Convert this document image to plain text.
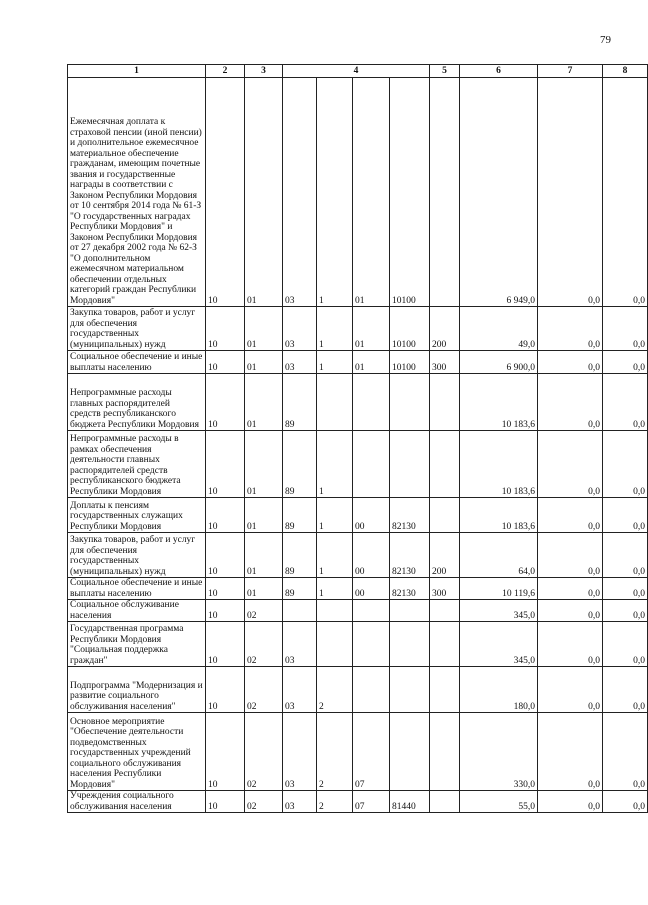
79
1	2	3	4				5	6	7	8
Ежемесячная доплата к страховой пенсии (иной пенсии) и дополнительное ежемесячное материальное обеспечение гражданам, имеющим почетные звания и государственные награды в соответствии с Законом Республики Мордовия от 10 сентября 2014 года № 61-З "О государственных наградах Республики Мордовия" и Законом Республики Мордовия от 27 декабря 2002 года № 62-З "О дополнительном ежемесячном материальном обеспечении отдельных категорий граждан Республики Мордовия"	10	01	03	1	01	10100		6 949,0	0,0	0,0
Закупка товаров, работ и услуг для обеспечения государственных (муниципальных) нужд	10	01	03	1	01	10100	200	49,0	0,0	0,0
Социальное обеспечение и иные выплаты населению	10	01	03	1	01	10100	300	6 900,0	0,0	0,0
Непрограммные расходы главных распорядителей средств республиканского бюджета Республики Мордовия	10	01	89					10 183,6	0,0	0,0
Непрограммные расходы в рамках обеспечения деятельности главных распорядителей средств республиканского бюджета Республики Мордовия	10	01	89	1				10 183,6	0,0	0,0
Доплаты к пенсиям государственных служащих Республики Мордовия	10	01	89	1	00	82130		10 183,6	0,0	0,0
Закупка товаров, работ и услуг для обеспечения государственных (муниципальных) нужд	10	01	89	1	00	82130	200	64,0	0,0	0,0
Социальное обеспечение и иные выплаты населению	10	01	89	1	00	82130	300	10 119,6	0,0	0,0
Социальное обслуживание населения	10	02						345,0	0,0	0,0
Государственная программа Республики Мордовия "Социальная поддержка граждан"	10	02	03					345,0	0,0	0,0
Подпрограмма "Модернизация и развитие социального обслуживания населения"	10	02	03	2				180,0	0,0	0,0
Основное мероприятие "Обеспечение деятельности подведомственных государственных учреждений социального обслуживания населения Республики Мордовия"	10	02	03	2	07			330,0	0,0	0,0
Учреждения социального обслуживания населения	10	02	03	2	07	81440		55,0	0,0	0,0
